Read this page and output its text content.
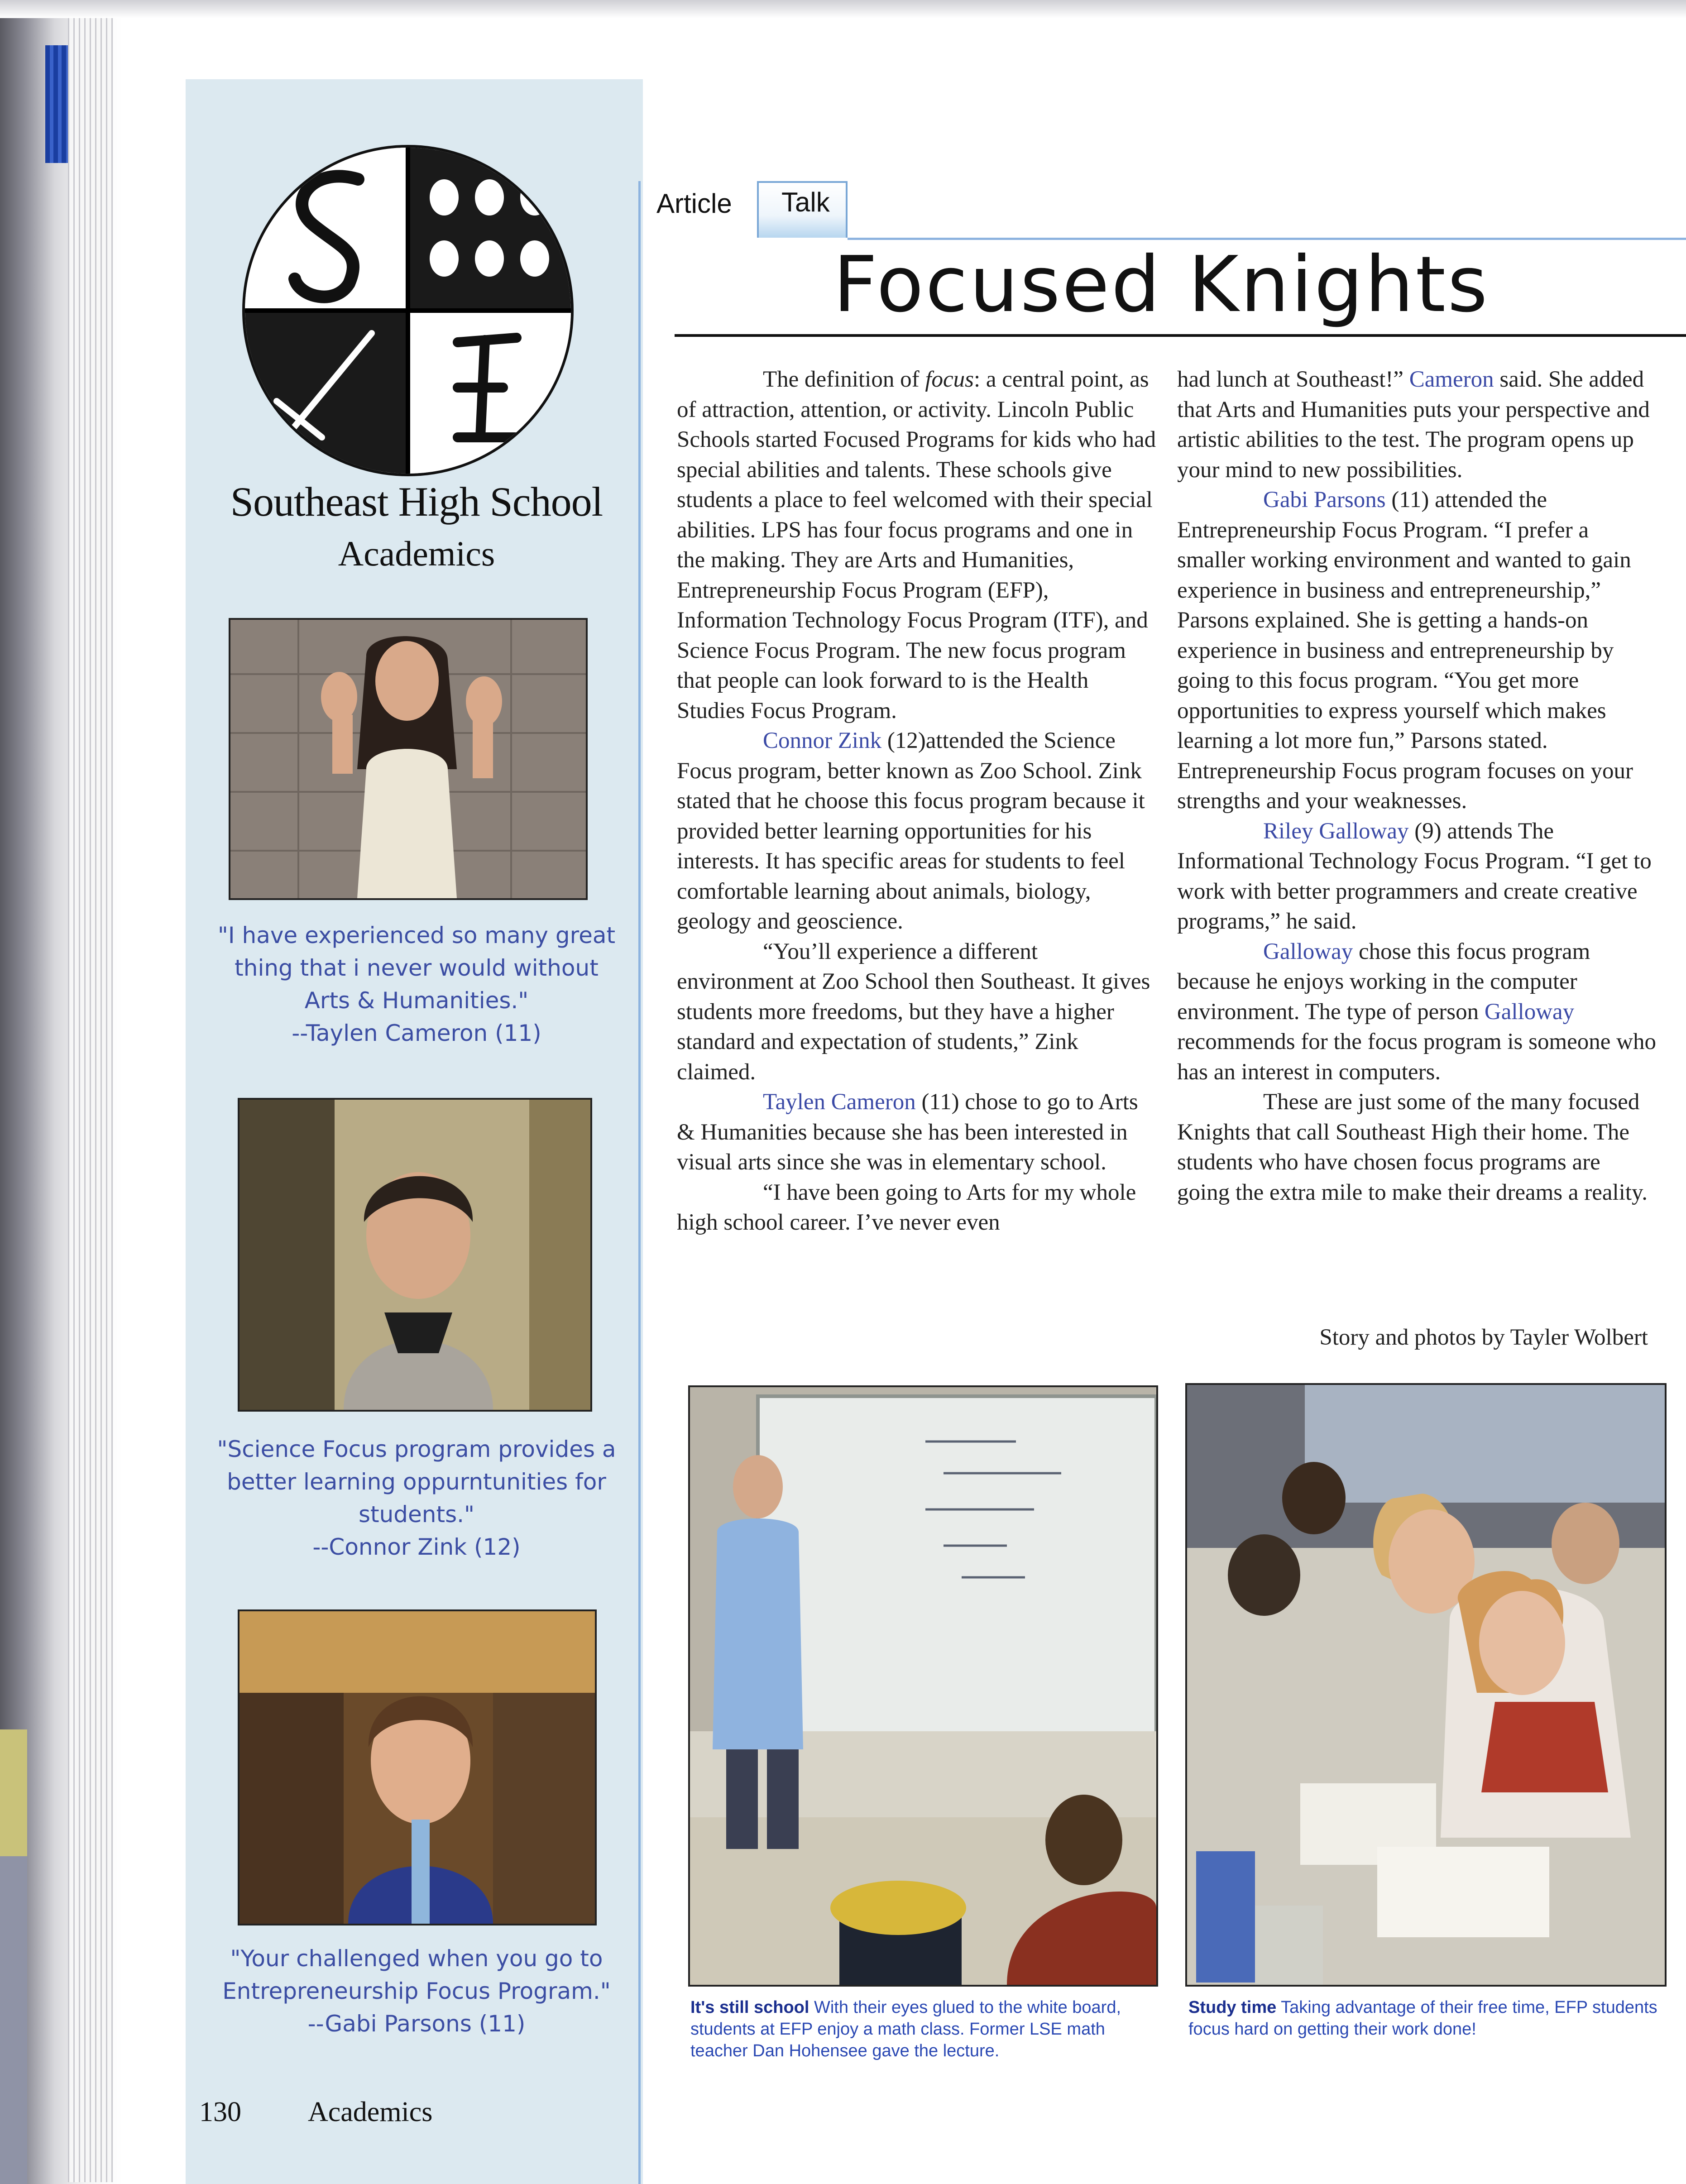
Southeast High School
Academics
"I have experienced so many great thing that i never would without Arts & Humanities."
--Taylen Cameron (11)
"Science Focus program provides a better learning oppurntunities for students."
--Connor Zink (12)
"Your challenged when you go to Entrepreneurship Focus Program."
--Gabi Parsons (11)
Article Talk
Focused Knights

The definition of focus: a central point, as of attraction, attention, or activity. Lincoln Public Schools started Focused Programs for kids who had special abilities and talents. These schools give students a place to feel welcomed with their special abilities. LPS has four focus programs and one in the making. They are Arts and Humanities, Entrepreneurship Focus Program (EFP), Information Technology Focus Program (ITF), and Science Focus Program. The new focus program that people can look forward to is the Health Studies Focus Program.

Connor Zink (12)attended the Science Focus program, better known as Zoo School. Zink stated that he choose this focus program because it provided better learning opportunities for his interests. It has specific areas for students to feel comfortable learning about animals, biology, geology and geoscience.

“You’ll experience a different environment at Zoo School then Southeast. It gives students more freedoms, but they have a higher standard and expectation of students,” Zink claimed.

Taylen Cameron (11) chose to go to Arts & Humanities because she has been interested in visual arts since she was in elementary school.

“I have been going to Arts for my whole high school career. I’ve never even

had lunch at Southeast!” Cameron said. She added that Arts and Humanities puts your perspective and artistic abilities to the test. The program opens up your mind to new possibilities.

Gabi Parsons (11) attended the Entrepreneurship Focus Program. “I prefer a smaller working environment and wanted to gain experience in business and entrepreneurship,” Parsons explained. She is getting a hands-on experience in business and entrepreneurship by going to this focus program. “You get more opportunities to express yourself which makes learning a lot more fun,” Parsons stated. Entrepreneurship Focus program focuses on your strengths and your weaknesses.

Riley Galloway (9) attends The Informational Technology Focus Program. “I get to work with better programmers and create creative programs,” he said.

Galloway chose this focus program because he enjoys working in the computer environment. The type of person Galloway recommends for the focus program is someone who has an interest in computers.

These are just some of the many focused Knights that call Southeast High their home. The students who have chosen focus programs are going the extra mile to make their dreams a reality.

Story and photos by Tayler Wolbert
It's still school With their eyes glued to the white board, students at EFP enjoy a math class. Former LSE math teacher Dan Hohensee gave the lecture.
Study time Taking advantage of their free time, EFP students focus hard on getting their work done!
130 Academics
